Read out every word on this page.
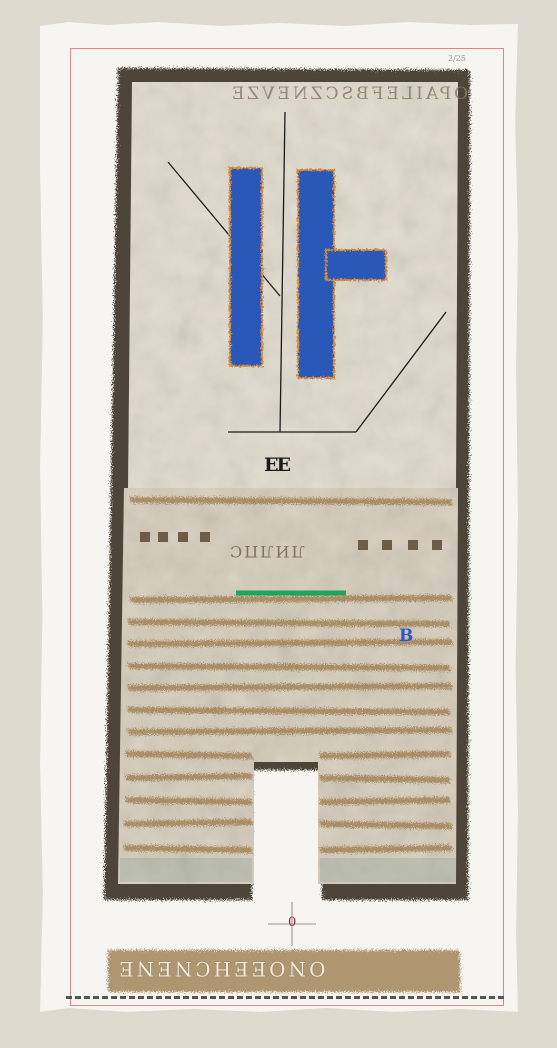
2/25
OPAILEFBSCZNEVZE
EE
ЛИЛПС
B
0
ONOEEHCNENE
